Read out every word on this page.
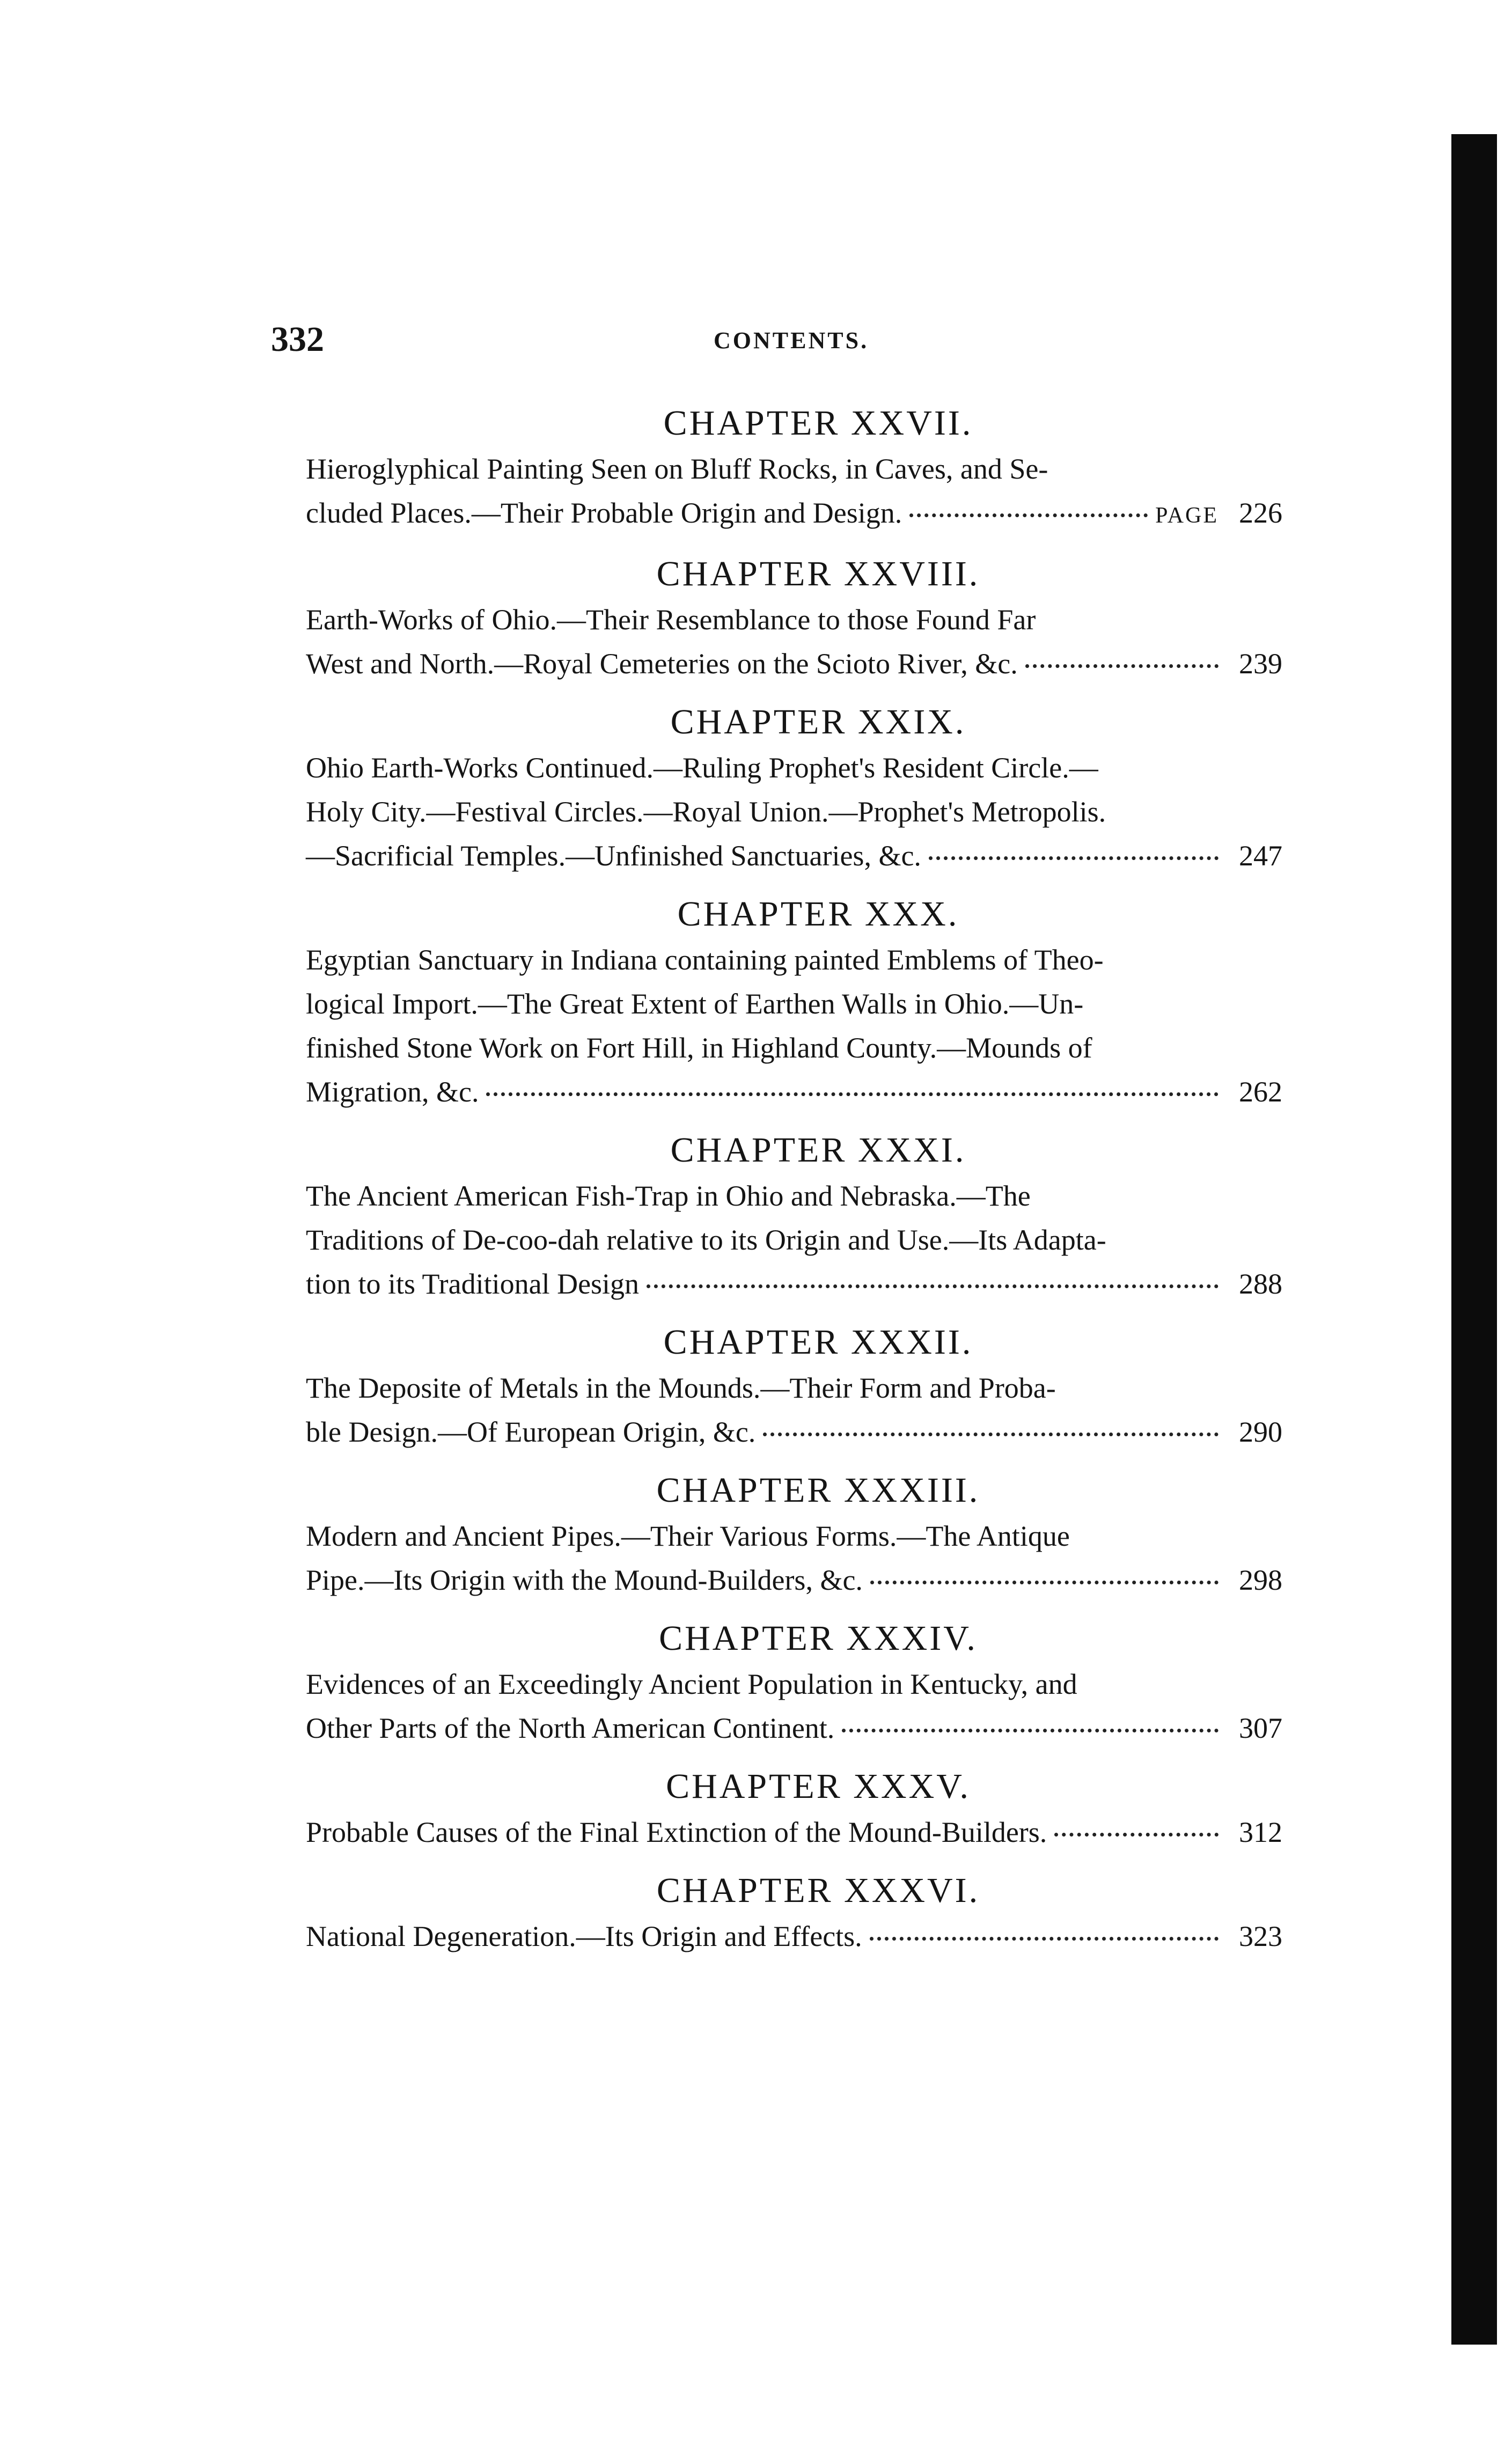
332	CONTENTS.
CHAPTER XXVII.
Hieroglyphical Painting Seen on Bluff Rocks, in Caves, and Se-
cluded Places.—Their Probable Origin and Design.	PAGE 226
CHAPTER XXVIII.
Earth-Works of Ohio.—Their Resemblance to those Found Far
West and North.—Royal Cemeteries on the Scioto River, &c.	239
CHAPTER XXIX.
Ohio Earth-Works Continued.—Ruling Prophet's Resident Circle.—
Holy City.—Festival Circles.—Royal Union.—Prophet's Metropolis.
—Sacrificial Temples.—Unfinished Sanctuaries, &c.	247
CHAPTER XXX.
Egyptian Sanctuary in Indiana containing painted Emblems of Theo-
logical Import.—The Great Extent of Earthen Walls in Ohio.—Un-
finished Stone Work on Fort Hill, in Highland County.—Mounds of
Migration, &c.	262
CHAPTER XXXI.
The Ancient American Fish-Trap in Ohio and Nebraska.—The
Traditions of De-coo-dah relative to its Origin and Use.—Its Adapta-
tion to its Traditional Design	288
CHAPTER XXXII.
The Deposite of Metals in the Mounds.—Their Form and Proba-
ble Design.—Of European Origin, &c.	290
CHAPTER XXXIII.
Modern and Ancient Pipes.—Their Various Forms.—The Antique
Pipe.—Its Origin with the Mound-Builders, &c.	298
CHAPTER XXXIV.
Evidences of an Exceedingly Ancient Population in Kentucky, and
Other Parts of the North American Continent.	307
CHAPTER XXXV.
Probable Causes of the Final Extinction of the Mound-Builders.	312
CHAPTER XXXVI.
National Degeneration.—Its Origin and Effects.	323
